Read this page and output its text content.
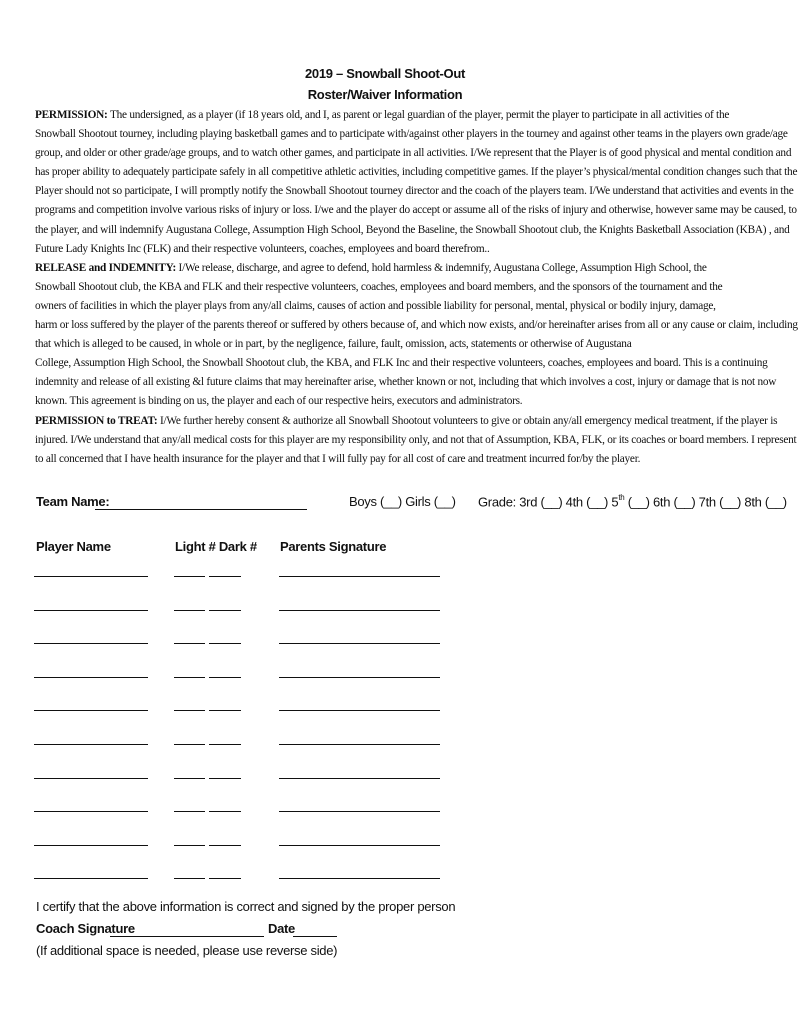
2019 – Snowball Shoot-Out
Roster/Waiver Information
PERMISSION: The undersigned, as a player (if 18 years old, and I, as parent or legal guardian of the player, permit the player to participate in all activities of the
Snowball Shootout tourney, including playing basketball games and to participate with/against other players in the tourney and against other teams in the players own grade/age
group, and older or other grade/age groups, and to watch other games, and participate in all activities. I/We represent that the Player is of good physical and mental condition and
has proper ability to adequately participate safely in all competitive athletic activities, including competitive games. If the player’s physical/mental condition changes such that the
Player should not so participate, I will promptly notify the Snowball Shootout tourney director and the coach of the players team. I/We understand that activities and events in the
programs and competition involve various risks of injury or loss. I/we and the player do accept or assume all of the risks of injury and otherwise, however same may be caused, to
the player, and will indemnify Augustana College, Assumption High School, Beyond the Baseline, the Snowball Shootout club, the Knights Basketball Association (KBA) , and
Future Lady Knights Inc (FLK) and their respective volunteers, coaches, employees and board therefrom..
RELEASE and INDEMNITY: I/We release, discharge, and agree to defend, hold harmless & indemnify, Augustana College, Assumption High School, the
Snowball Shootout club, the KBA and FLK and their respective volunteers, coaches, employees and board members, and the sponsors of the tournament and the
owners of facilities in which the player plays from any/all claims, causes of action and possible liability for personal, mental, physical or bodily injury, damage,
harm or loss suffered by the player of the parents thereof or suffered by others because of, and which now exists, and/or hereinafter arises from all or any cause or claim, including
that which is alleged to be caused, in whole or in part, by the negligence, failure, fault, omission, acts, statements or otherwise of Augustana
College, Assumption High School, the Snowball Shootout club, the KBA, and FLK Inc and their respective volunteers, coaches, employees and board. This is a continuing
indemnity and release of all existing &l future claims that may hereinafter arise, whether known or not, including that which involves a cost, injury or damage that is not now
known. This agreement is binding on us, the player and each of our respective heirs, executors and administrators.
PERMISSION to TREAT: I/We further hereby consent & authorize all Snowball Shootout volunteers to give or obtain any/all emergency medical treatment, if the player is
injured. I/We understand that any/all medical costs for this player are my responsibility only, and not that of Assumption, KBA, FLK, or its coaches or board members. I represent
to all concerned that I have health insurance for the player and that I will fully pay for all cost of care and treatment incurred for/by the player.
Team Name:	Boys (__) Girls (__) Grade: 3rd (__) 4th (__) 5th (__) 6th (__) 7th (__) 8th (__)
Player Name	Light # Dark # Parents Signature
I certify that the above information is correct and signed by the proper person
Coach Signature	Date
(If additional space is needed, please use reverse side)
